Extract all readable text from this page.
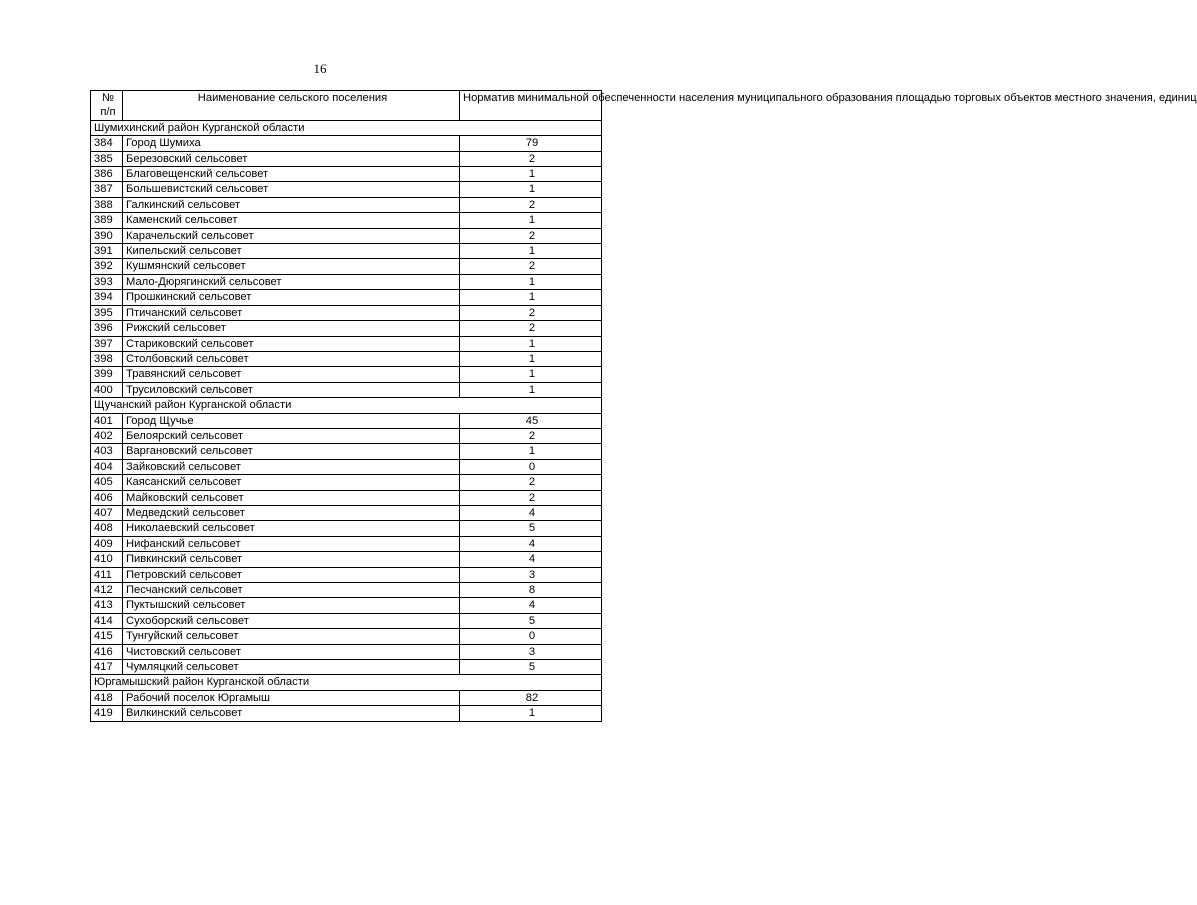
16
№
п/п	Наименование сельского поселения	Норматив минимальной обеспеченности населения муниципального образования площадью торговых объектов местного значения, единиц
Шумихинский район Курганской области		
384	Город Шумиха	79
385	Березовский сельсовет	2
386	Благовещенский сельсовет	1
387	Большевистский сельсовет	1
388	Галкинский сельсовет	2
389	Каменский сельсовет	1
390	Карачельский сельсовет	2
391	Кипельский сельсовет	1
392	Кушмянский сельсовет	2
393	Мало-Дюрягинский сельсовет	1
394	Прошкинский сельсовет	1
395	Птичанский сельсовет	2
396	Рижский сельсовет	2
397	Стариковский сельсовет	1
398	Столбовский сельсовет	1
399	Травянский сельсовет	1
400	Трусиловский сельсовет	1
Щучанский район Курганской области		
401	Город Щучье	45
402	Белоярский сельсовет	2
403	Варгановский сельсовет	1
404	Зайковский сельсовет	0
405	Каясанский сельсовет	2
406	Майковский сельсовет	2
407	Медведский сельсовет	4
408	Николаевский сельсовет	5
409	Нифанский сельсовет	4
410	Пивкинский сельсовет	4
411	Петровский сельсовет	3
412	Песчанский сельсовет	8
413	Пуктышский сельсовет	4
414	Сухоборский сельсовет	5
415	Тунгуйский сельсовет	0
416	Чистовский сельсовет	3
417	Чумляцкий сельсовет	5
Юргамышский район Курганской области		
418	Рабочий поселок Юргамыш	82
419	Вилкинский сельсовет	1
